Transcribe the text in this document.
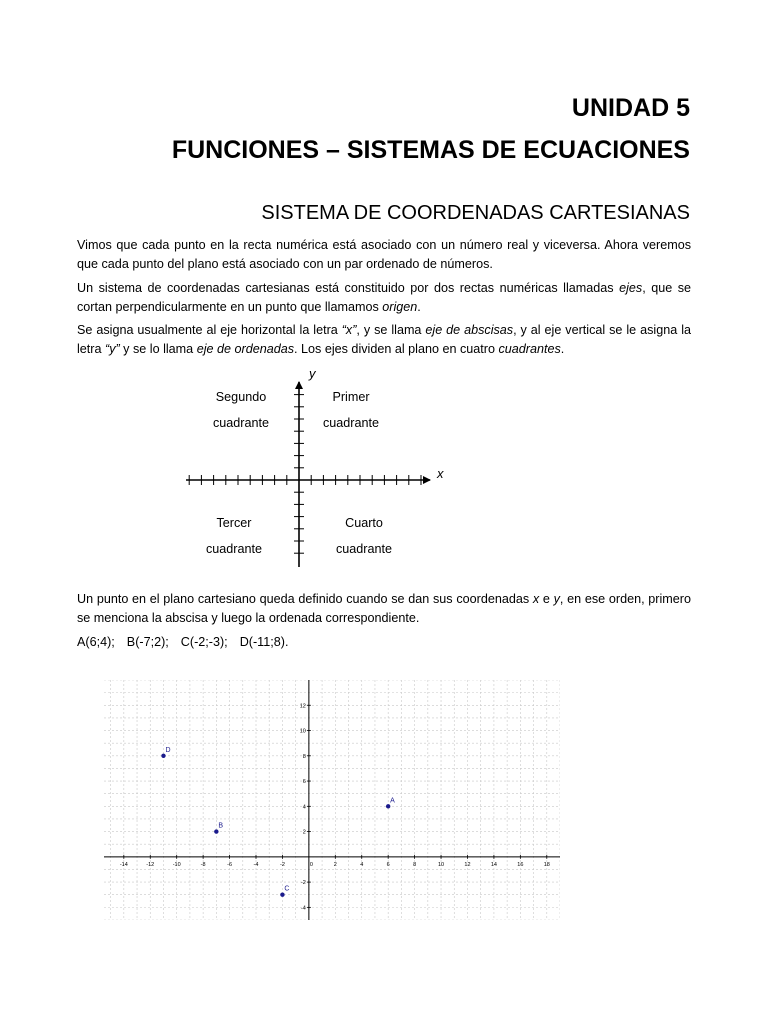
UNIDAD 5
FUNCIONES – SISTEMAS DE ECUACIONES
SISTEMA DE COORDENADAS CARTESIANAS
Vimos que cada punto en la recta numérica está asociado con un número real y viceversa. Ahora veremos que cada punto del plano está asociado con un par ordenado de números.
Un sistema de coordenadas cartesianas está constituido por dos rectas numéricas llamadas ejes, que se cortan perpendicularmente en un punto que llamamos origen.
Se asigna usualmente al eje horizontal la letra “x”, y se llama eje de abscisas, y al eje vertical se le asigna la letra “y” y se lo llama eje de ordenadas. Los ejes dividen al plano en cuatro cuadrantes.
x
y
Segundo
cuadrante
Primer
cuadrante
Tercer
cuadrante
Cuarto
cuadrante
Un punto en el plano cartesiano queda definido cuando se dan sus coordenadas x e y, en ese orden, primero se menciona la abscisa y luego la ordenada correspondiente.
A(6;4); B(-7;2); C(-2;-3); D(-11;8).
-14	-12	-10	-8	-6	-4	-2	0	2	4	6	8	10	12	14	16	18
12
10
8
6
4
2
-2
-4
A
B
C
D
